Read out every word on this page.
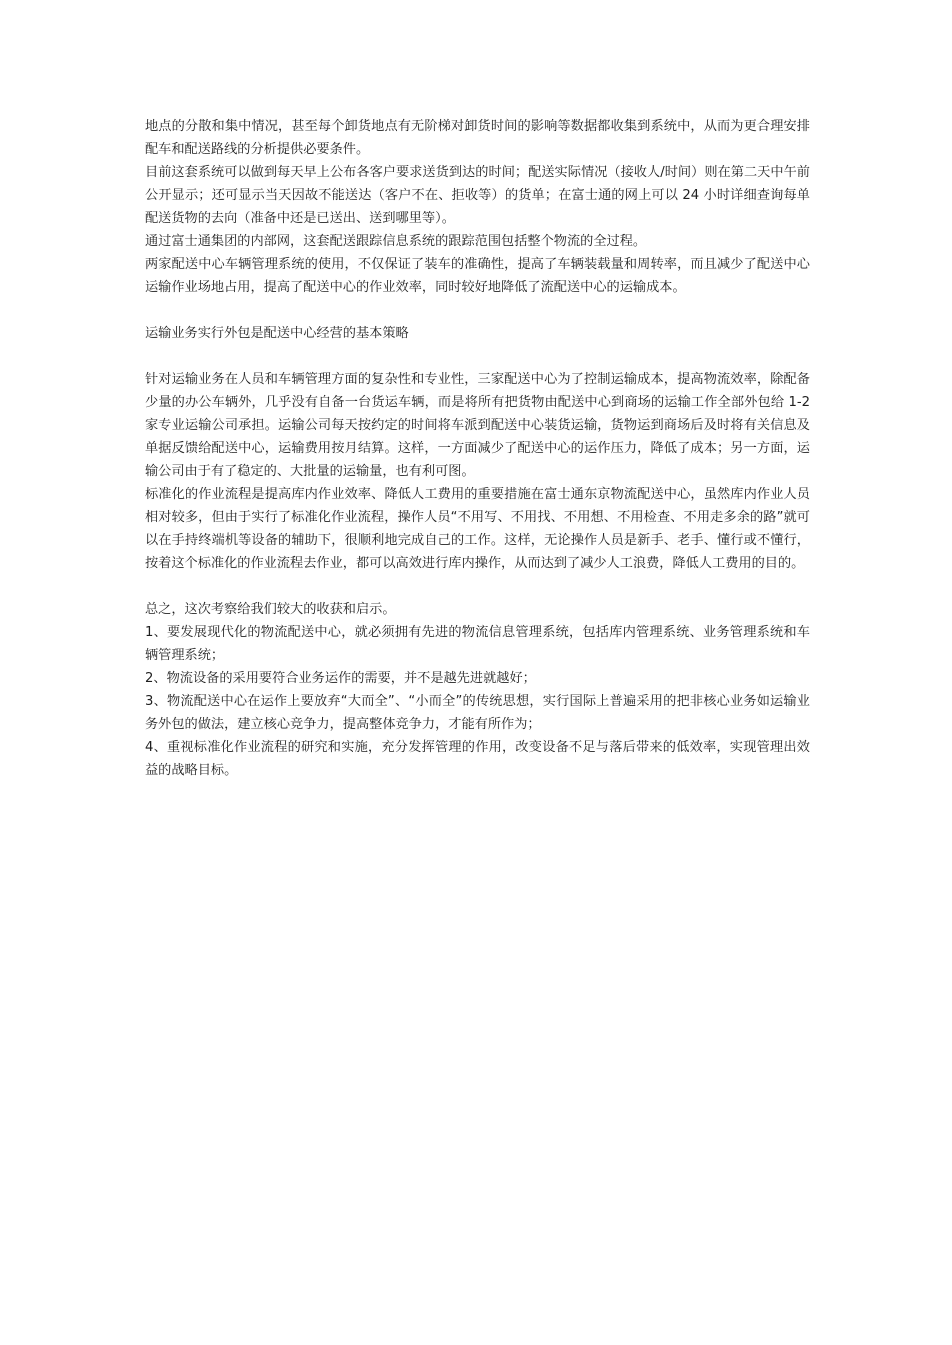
地点的分散和集中情况，甚至每个卸货地点有无阶梯对卸货时间的影响等数据都收集到系统中，从而为更合理安排配车和配送路线的分析提供必要条件。

目前这套系统可以做到每天早上公布各客户要求送货到达的时间；配送实际情况（接收人/时间）则在第二天中午前公开显示；还可显示当天因故不能送达（客户不在、拒收等）的货单；在富士通的网上可以 24 小时详细查询每单配送货物的去向（准备中还是已送出、送到哪里等）。

通过富士通集团的内部网，这套配送跟踪信息系统的跟踪范围包括整个物流的全过程。

两家配送中心车辆管理系统的使用，不仅保证了装车的准确性，提高了车辆装载量和周转率，而且减少了配送中心运输作业场地占用，提高了配送中心的作业效率，同时较好地降低了流配送中心的运输成本。

运输业务实行外包是配送中心经营的基本策略

针对运输业务在人员和车辆管理方面的复杂性和专业性，三家配送中心为了控制运输成本，提高物流效率，除配备少量的办公车辆外，几乎没有自备一台货运车辆，而是将所有把货物由配送中心到商场的运输工作全部外包给 1-2 家专业运输公司承担。运输公司每天按约定的时间将车派到配送中心装货运输，货物运到商场后及时将有关信息及单据反馈给配送中心，运输费用按月结算。这样，一方面减少了配送中心的运作压力，降低了成本；另一方面，运输公司由于有了稳定的、大批量的运输量，也有利可图。

标准化的作业流程是提高库内作业效率、降低人工费用的重要措施在富士通东京物流配送中心，虽然库内作业人员相对较多，但由于实行了标准化作业流程，操作人员“不用写、不用找、不用想、不用检查、不用走多余的路”就可以在手持终端机等设备的辅助下，很顺利地完成自己的工作。这样，无论操作人员是新手、老手、懂行或不懂行，按着这个标准化的作业流程去作业，都可以高效进行库内操作，从而达到了减少人工浪费，降低人工费用的目的。

总之，这次考察给我们较大的收获和启示。

1、要发展现代化的物流配送中心，就必须拥有先进的物流信息管理系统，包括库内管理系统、业务管理系统和车辆管理系统；

2、物流设备的采用要符合业务运作的需要，并不是越先进就越好；

3、物流配送中心在运作上要放弃“大而全”、“小而全”的传统思想，实行国际上普遍采用的把非核心业务如运输业务外包的做法，建立核心竞争力，提高整体竞争力，才能有所作为；

4、重视标准化作业流程的研究和实施，充分发挥管理的作用，改变设备不足与落后带来的低效率，实现管理出效益的战略目标。
